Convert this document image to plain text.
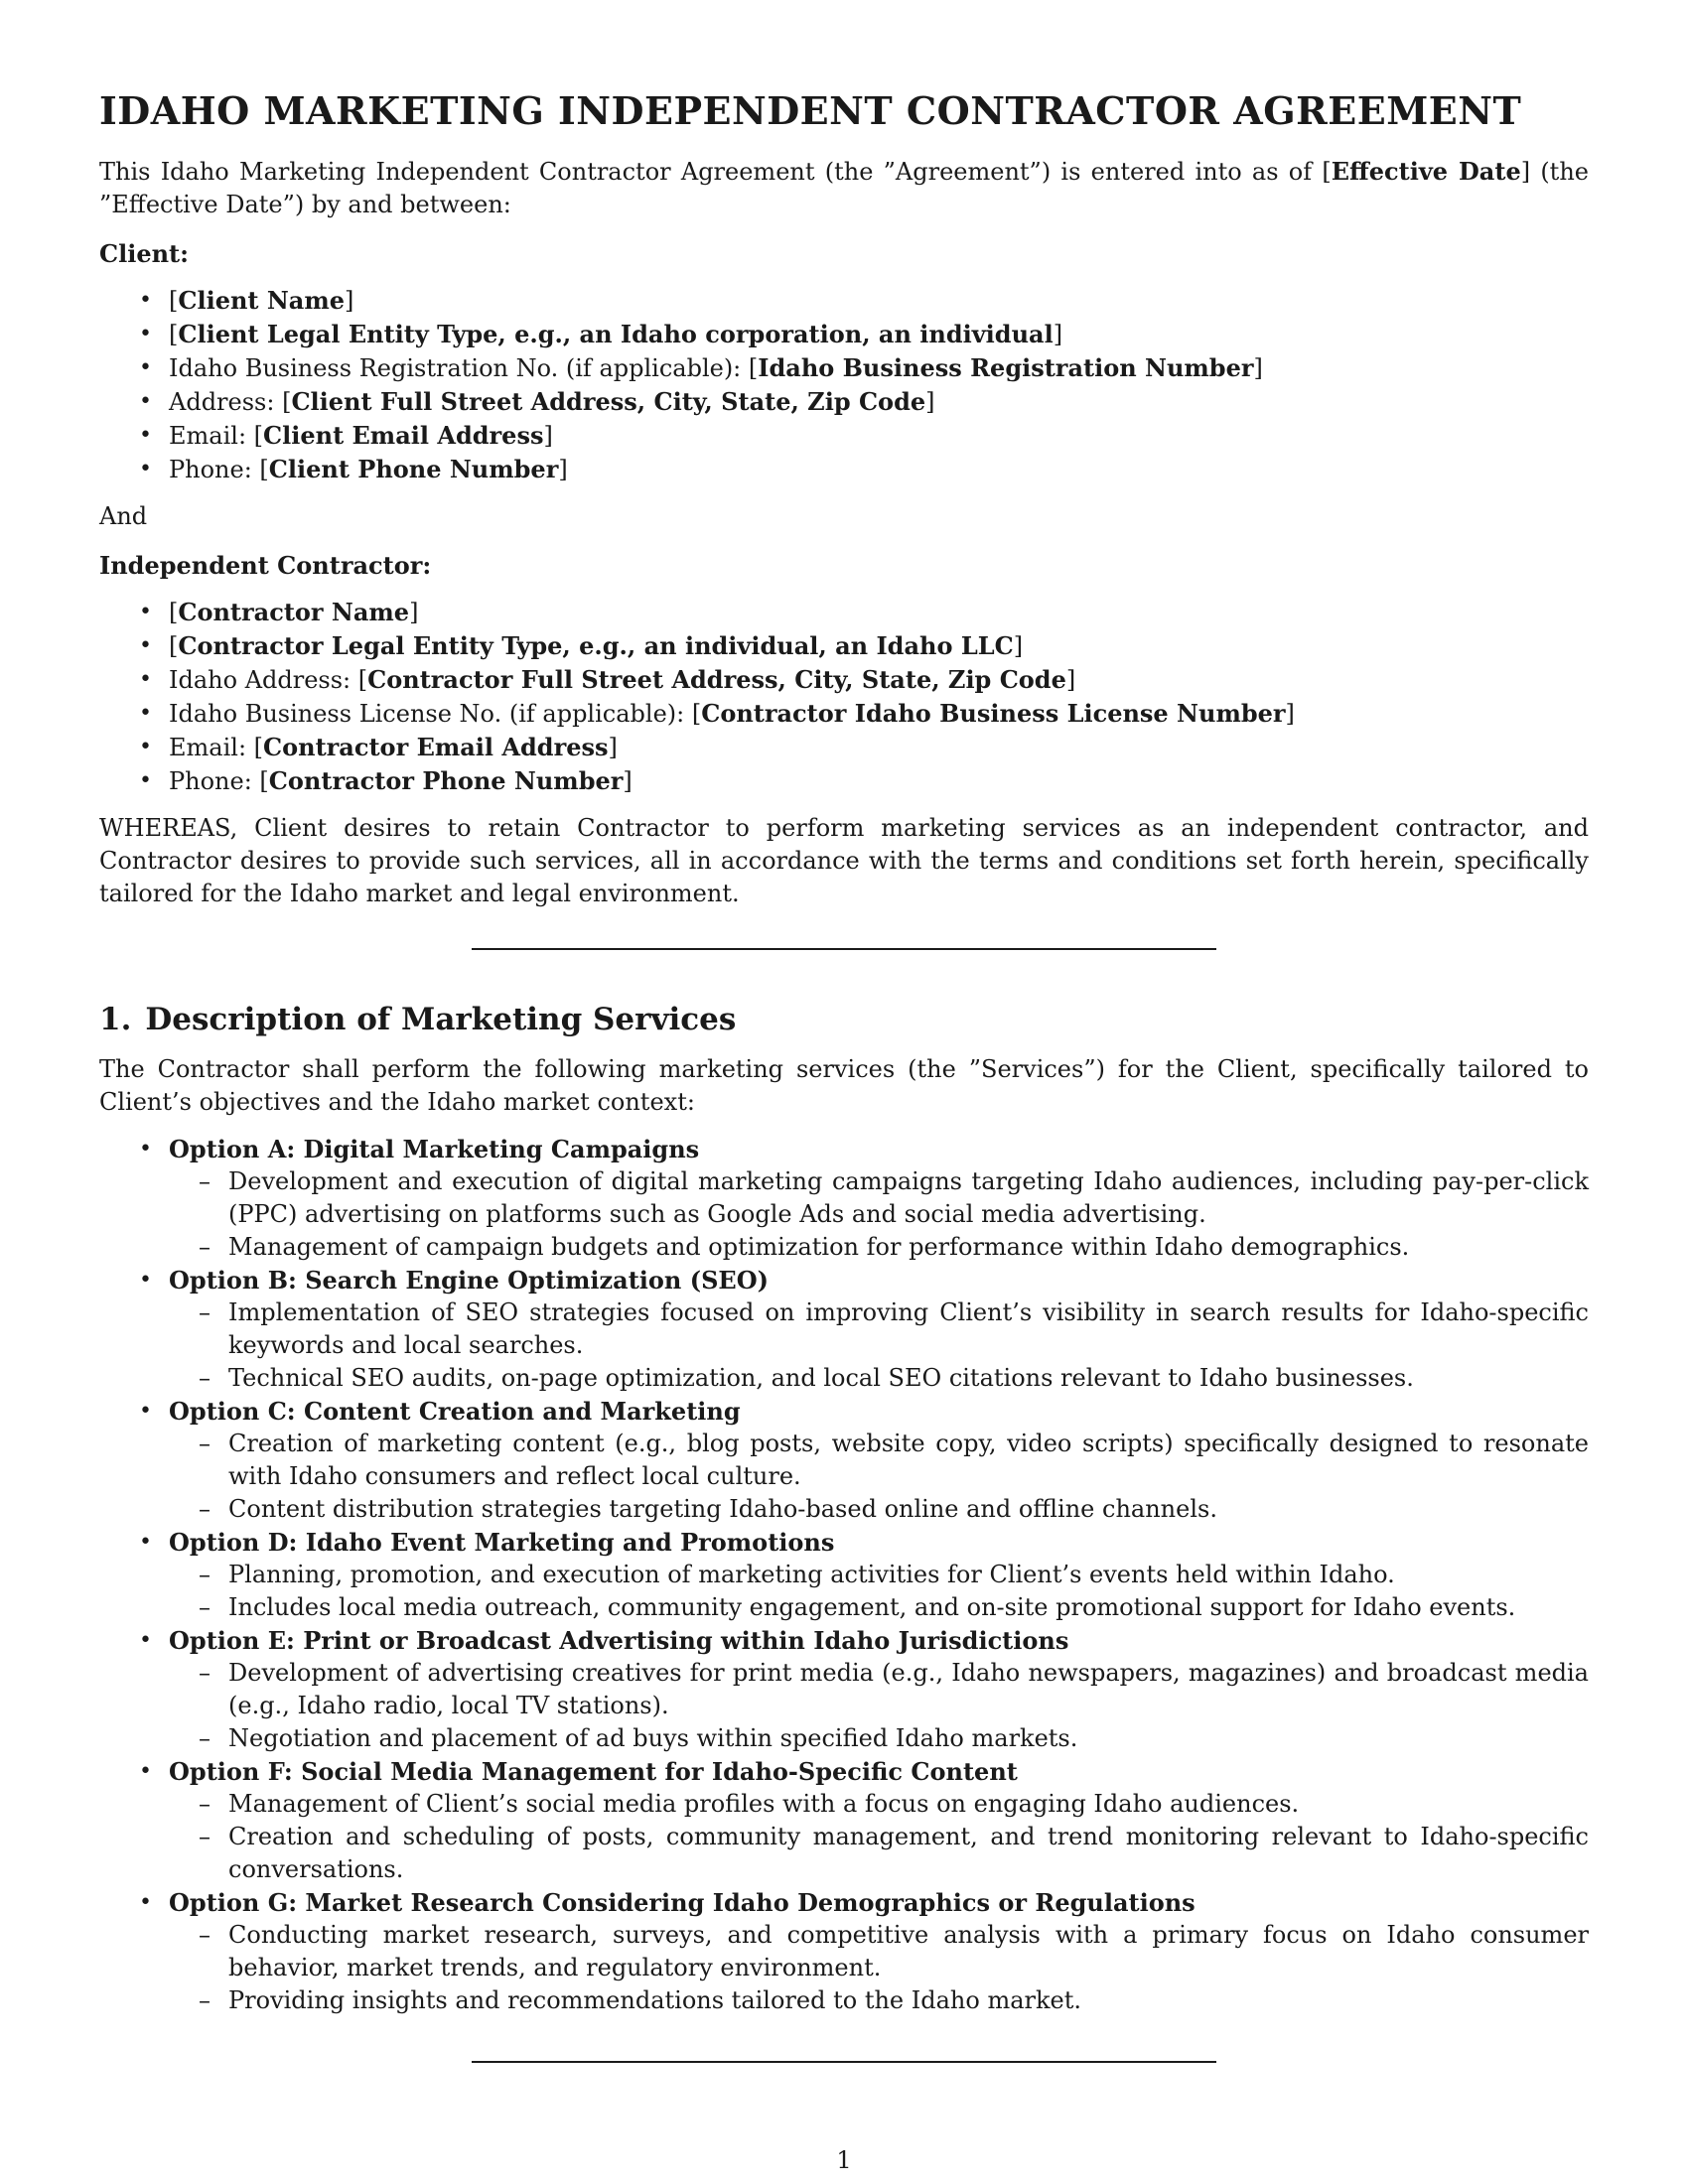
IDAHO MARKETING INDEPENDENT CONTRACTOR AGREEMENT

This Idaho Marketing Independent Contractor Agreement (the ”Agreement”) is entered into as of [Effective Date] (the ”Effective Date”) by and between:

Client:
• [Client Name]
• [Client Legal Entity Type, e.g., an Idaho corporation, an individual]
• Idaho Business Registration No. (if applicable): [Idaho Business Registration Number]
• Address: [Client Full Street Address, City, State, Zip Code]
• Email: [Client Email Address]
• Phone: [Client Phone Number]

And

Independent Contractor:
• [Contractor Name]
• [Contractor Legal Entity Type, e.g., an individual, an Idaho LLC]
• Idaho Address: [Contractor Full Street Address, City, State, Zip Code]
• Idaho Business License No. (if applicable): [Contractor Idaho Business License Number]
• Email: [Contractor Email Address]
• Phone: [Contractor Phone Number]

WHEREAS, Client desires to retain Contractor to perform marketing services as an independent contractor, and Contractor desires to provide such services, all in accordance with the terms and conditions set forth herein, specifically tailored for the Idaho market and legal environment.

1. Description of Marketing Services

The Contractor shall perform the following marketing services (the ”Services”) for the Client, specifically tailored to Client’s objectives and the Idaho market context:

• Option A: Digital Marketing Campaigns
– Development and execution of digital marketing campaigns targeting Idaho audiences, including pay-per-click (PPC) advertising on platforms such as Google Ads and social media advertising.
– Management of campaign budgets and optimization for performance within Idaho demographics.
• Option B: Search Engine Optimization (SEO)
– Implementation of SEO strategies focused on improving Client’s visibility in search results for Idaho-specific keywords and local searches.
– Technical SEO audits, on-page optimization, and local SEO citations relevant to Idaho businesses.
• Option C: Content Creation and Marketing
– Creation of marketing content (e.g., blog posts, website copy, video scripts) specifically designed to resonate with Idaho consumers and reflect local culture.
– Content distribution strategies targeting Idaho-based online and offline channels.
• Option D: Idaho Event Marketing and Promotions
– Planning, promotion, and execution of marketing activities for Client’s events held within Idaho.
– Includes local media outreach, community engagement, and on-site promotional support for Idaho events.
• Option E: Print or Broadcast Advertising within Idaho Jurisdictions
– Development of advertising creatives for print media (e.g., Idaho newspapers, magazines) and broadcast media (e.g., Idaho radio, local TV stations).
– Negotiation and placement of ad buys within specified Idaho markets.
• Option F: Social Media Management for Idaho-Specific Content
– Management of Client’s social media profiles with a focus on engaging Idaho audiences.
– Creation and scheduling of posts, community management, and trend monitoring relevant to Idaho-specific conversations.
• Option G: Market Research Considering Idaho Demographics or Regulations
– Conducting market research, surveys, and competitive analysis with a primary focus on Idaho consumer behavior, market trends, and regulatory environment.
– Providing insights and recommendations tailored to the Idaho market.
1
